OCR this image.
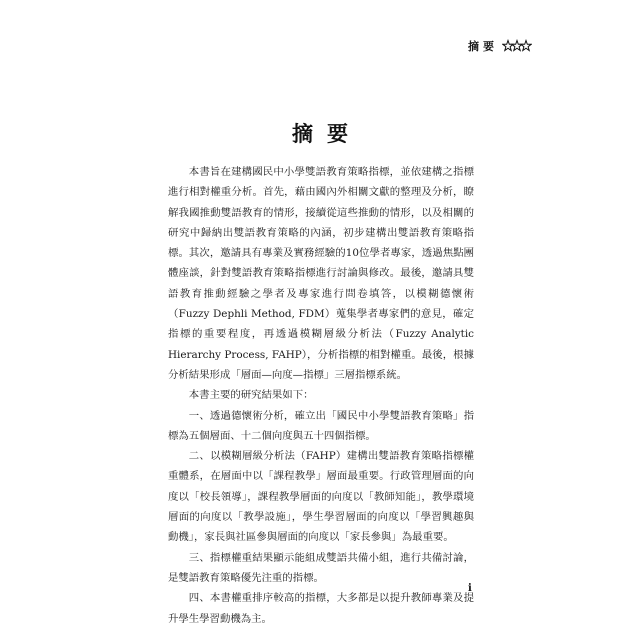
摘要
摘要

本書旨在建構國民中小學雙語教育策略指標，並依建構之指標進行相對權重分析。首先，藉由國內外相關文獻的整理及分析，瞭解我國推動雙語教育的情形，接續從這些推動的情形，以及相關的研究中歸納出雙語教育策略的內涵，初步建構出雙語教育策略指標。其次，邀請具有專業及實務經驗的10位學者專家，透過焦點團體座談，針對雙語教育策略指標進行討論與修改。最後，邀請具雙語教育推動經驗之學者及專家進行問卷填答，以模糊德懷術（Fuzzy Dephli Method, FDM）蒐集學者專家們的意見，確定指標的重要程度，再透過模糊層級分析法（Fuzzy Analytic Hierarchy Process, FAHP），分析指標的相對權重。最後，根據分析結果形成「層面—向度—指標」三層指標系統。

本書主要的研究結果如下：

一、透過德懷術分析，確立出「國民中小學雙語教育策略」指標為五個層面、十二個向度與五十四個指標。

二、以模糊層級分析法（FAHP）建構出雙語教育策略指標權重體系，在層面中以「課程教學」層面最重要。行政管理層面的向度以「校長領導」，課程教學層面的向度以「教師知能」，教學環境層面的向度以「教學設施」，學生學習層面的向度以「學習興趣與動機」，家長與社區參與層面的向度以「家長參與」為最重要。

三、指標權重結果顯示能組成雙語共備小組，進行共備討論，是雙語教育策略優先注重的指標。

四、本書權重排序較高的指標，大多都是以提升教師專業及提升學生學習動機為主。

i
